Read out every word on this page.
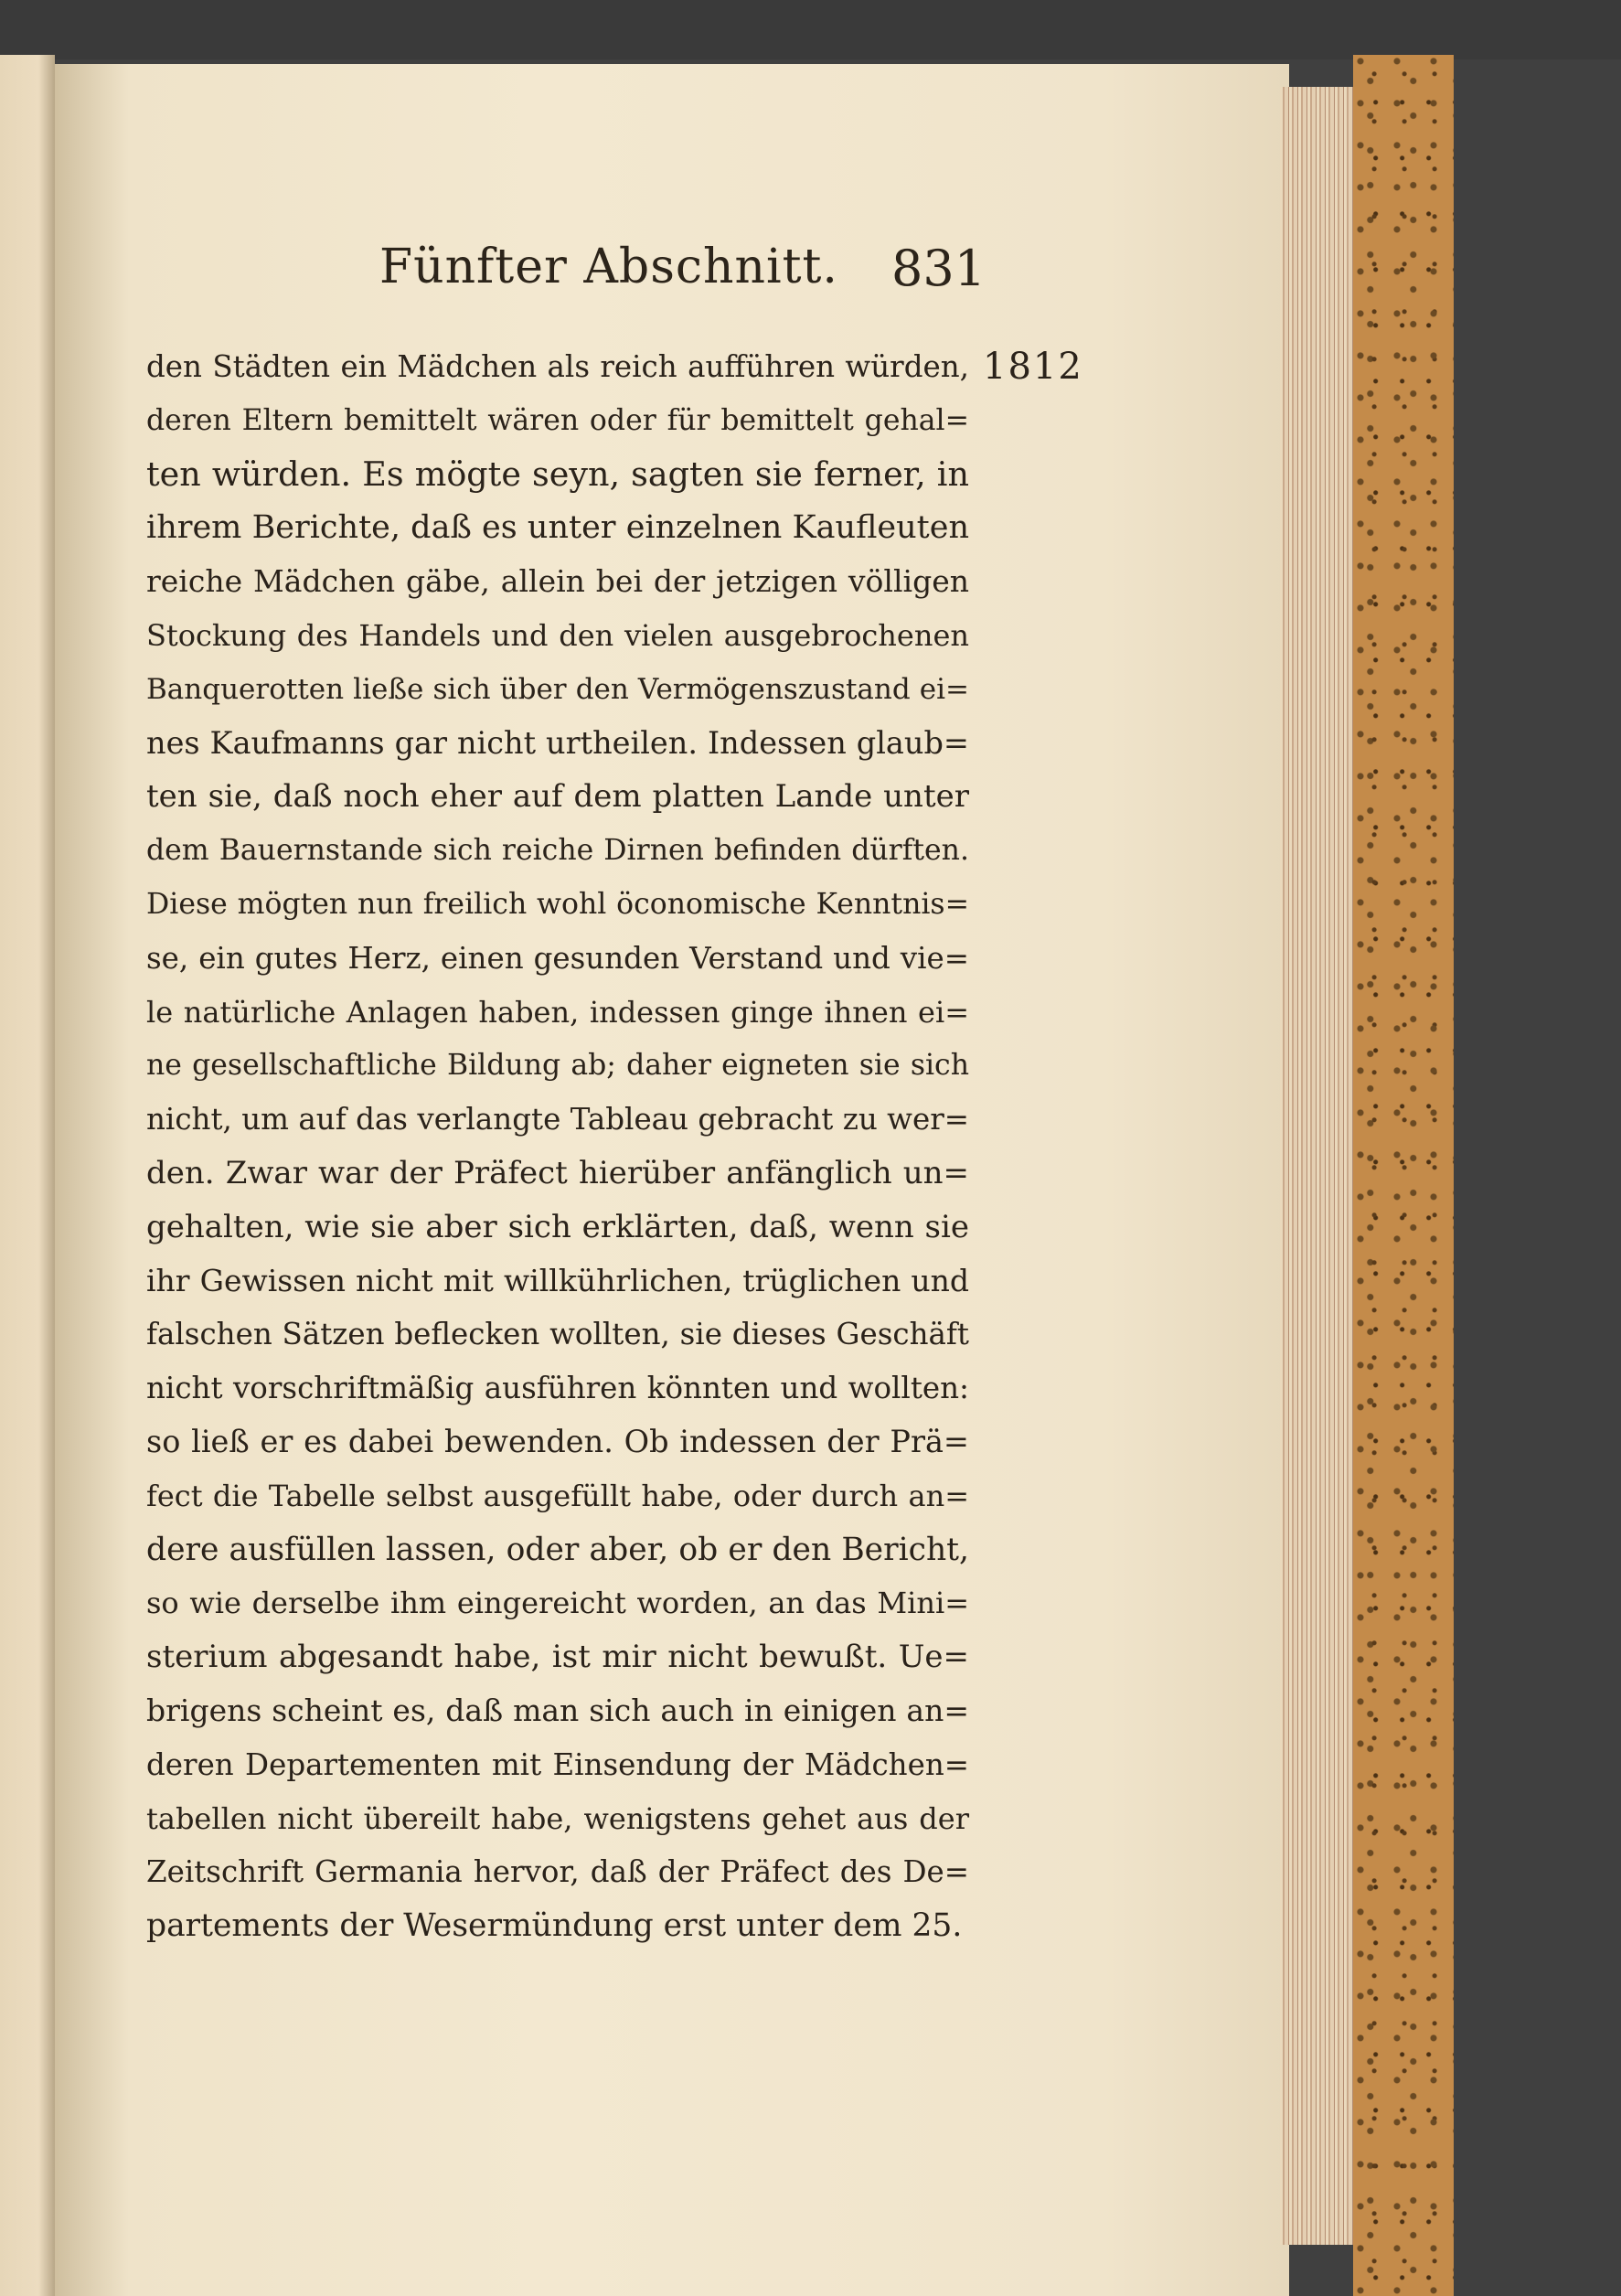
Fünfter Abschnitt. 831
1812
den Städten ein Mädchen als reich aufführen würden,
deren Eltern bemittelt wären oder für bemittelt gehal=
ten würden. Es mögte seyn, sagten sie ferner, in
ihrem Berichte, daß es unter einzelnen Kaufleuten
reiche Mädchen gäbe, allein bei der jetzigen völligen
Stockung des Handels und den vielen ausgebrochenen
Banquerotten ließe sich über den Vermögenszustand ei=
nes Kaufmanns gar nicht urtheilen. Indessen glaub=
ten sie, daß noch eher auf dem platten Lande unter
dem Bauernstande sich reiche Dirnen befinden dürften.
Diese mögten nun freilich wohl öconomische Kenntnis=
se, ein gutes Herz, einen gesunden Verstand und vie=
le natürliche Anlagen haben, indessen ginge ihnen ei=
ne gesellschaftliche Bildung ab; daher eigneten sie sich
nicht, um auf das verlangte Tableau gebracht zu wer=
den. Zwar war der Präfect hierüber anfänglich un=
gehalten, wie sie aber sich erklärten, daß, wenn sie
ihr Gewissen nicht mit willkührlichen, trüglichen und
falschen Sätzen beflecken wollten, sie dieses Geschäft
nicht vorschriftmäßig ausführen könnten und wollten:
so ließ er es dabei bewenden. Ob indessen der Prä=
fect die Tabelle selbst ausgefüllt habe, oder durch an=
dere ausfüllen lassen, oder aber, ob er den Bericht,
so wie derselbe ihm eingereicht worden, an das Mini=
sterium abgesandt habe, ist mir nicht bewußt. Ue=
brigens scheint es, daß man sich auch in einigen an=
deren Departementen mit Einsendung der Mädchen=
tabellen nicht übereilt habe, wenigstens gehet aus der
Zeitschrift Germania hervor, daß der Präfect des De=
partements der Wesermündung erst unter dem 25.
